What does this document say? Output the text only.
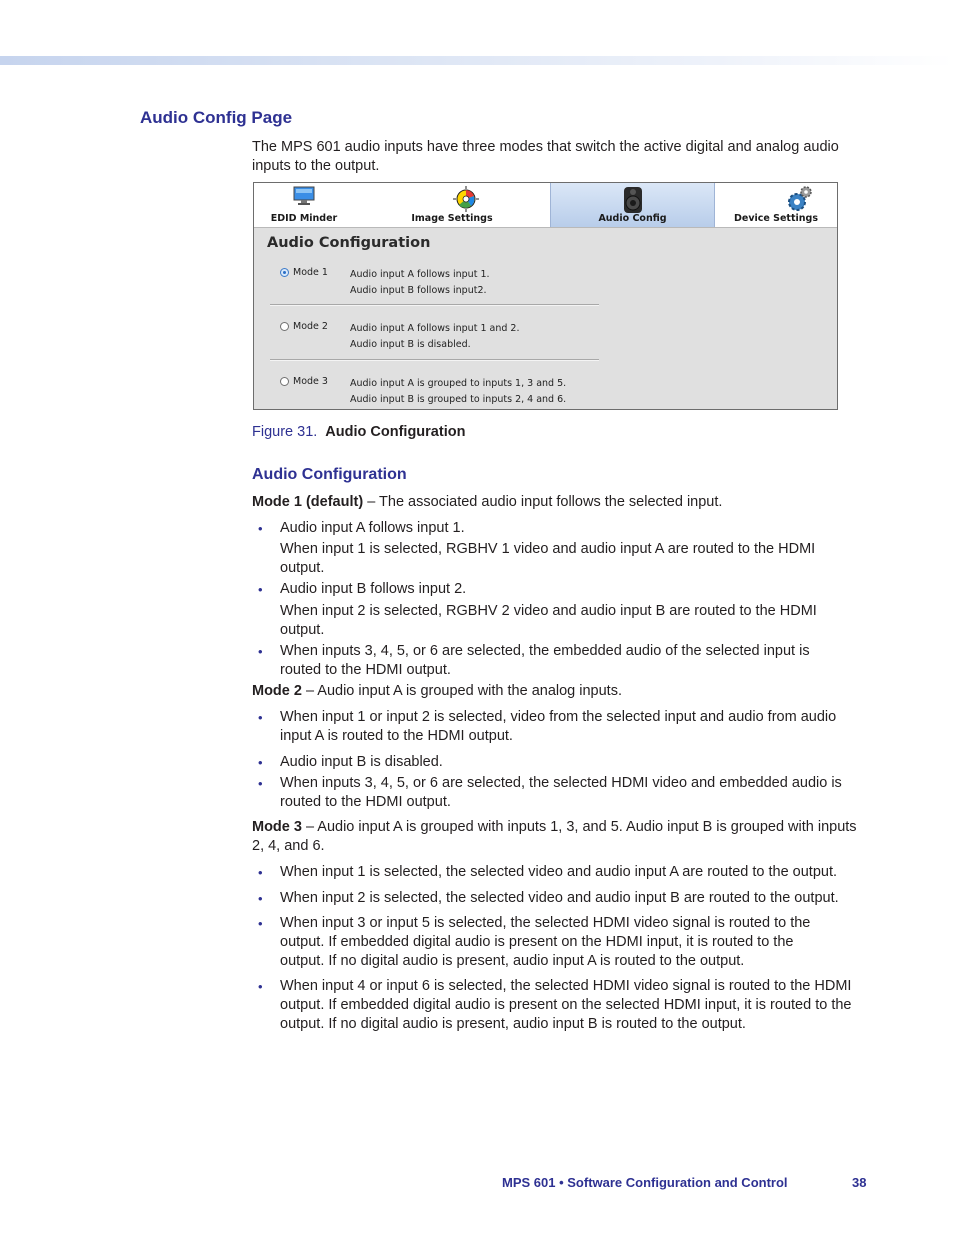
Audio Config Page

The MPS 601 audio inputs have three modes that switch the active digital and analog audio inputs to the output.

EDID Minder	Image Settings	Audio Config	Device Settings
Audio Configuration
Mode 1 Audio input A follows input 1.
Audio input B follows input2.
Mode 2 Audio input A follows input 1 and 2.
Audio input B is disabled.
Mode 3 Audio input A is grouped to inputs 1, 3 and 5.
Audio input B is grouped to inputs 2, 4 and 6.

Figure 31. Audio Configuration

Audio Configuration

Mode 1 (default) – The associated audio input follows the selected input.

• Audio input A follows input 1.

When input 1 is selected, RGBHV 1 video and audio input A are routed to the HDMI output.

• Audio input B follows input 2.

When input 2 is selected, RGBHV 2 video and audio input B are routed to the HDMI output.

• When inputs 3, 4, 5, or 6 are selected, the embedded audio of the selected input is routed to the HDMI output.

Mode 2 – Audio input A is grouped with the analog inputs.

• When input 1 or input 2 is selected, video from the selected input and audio from audio input A is routed to the HDMI output.

• Audio input B is disabled.

• When inputs 3, 4, 5, or 6 are selected, the selected HDMI video and embedded audio is routed to the HDMI output.

Mode 3 – Audio input A is grouped with inputs 1, 3, and 5. Audio input B is grouped with inputs 2, 4, and 6.

• When input 1 is selected, the selected video and audio input A are routed to the output.

• When input 2 is selected, the selected video and audio input B are routed to the output.

• When input 3 or input 5 is selected, the selected HDMI video signal is routed to the output. If embedded digital audio is present on the HDMI input, it is routed to the output. If no digital audio is present, audio input A is routed to the output.

• When input 4 or input 6 is selected, the selected HDMI video signal is routed to the HDMI output. If embedded digital audio is present on the selected HDMI input, it is routed to the output. If no digital audio is present, audio input B is routed to the output.

MPS 601 • Software Configuration and Control	38
